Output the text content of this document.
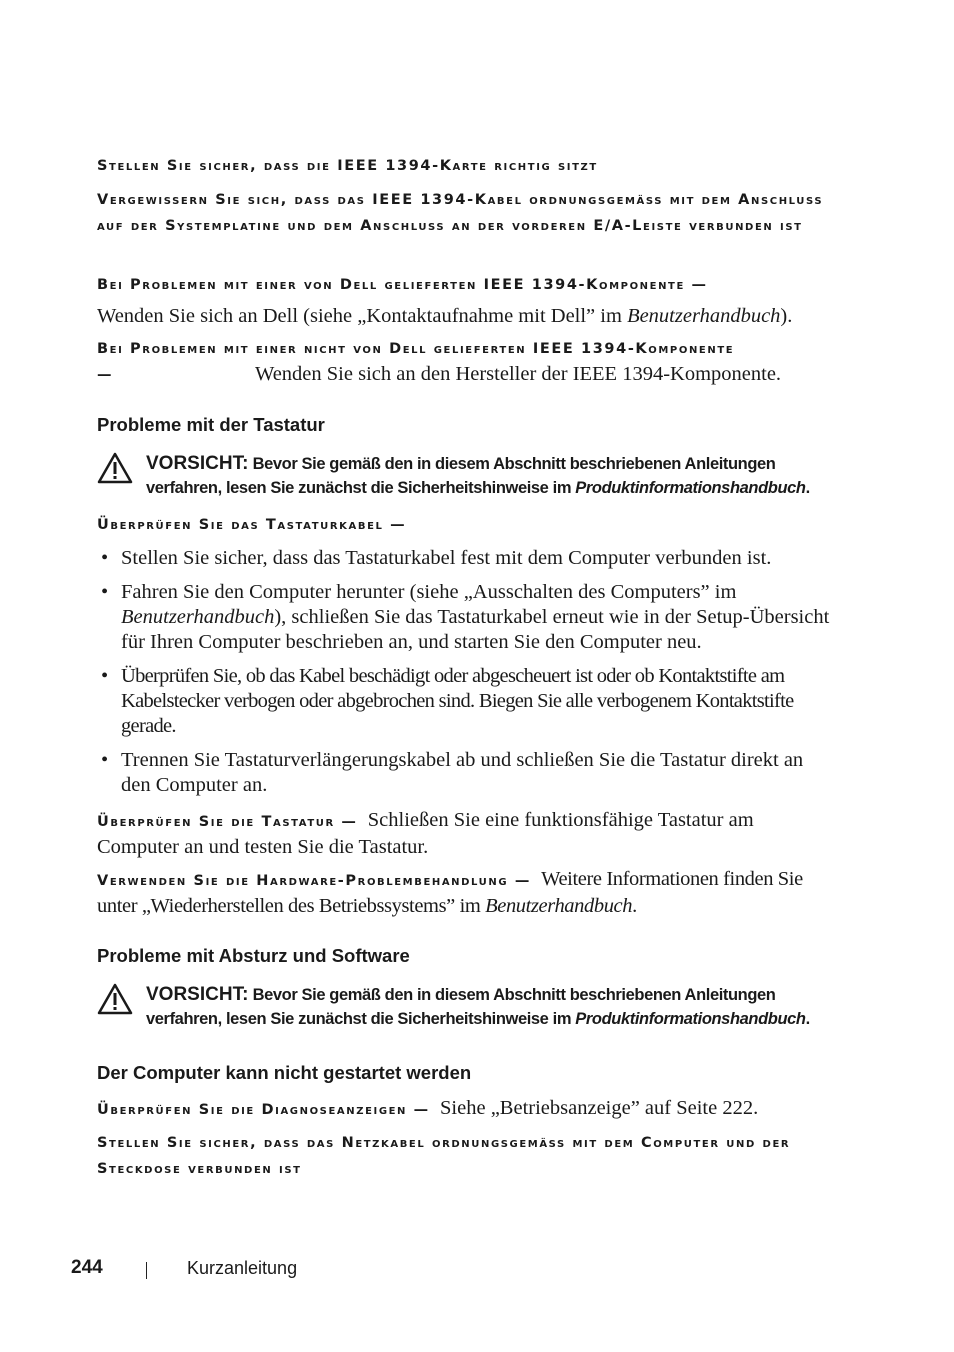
Stellen Sie sicher, dass die IEEE 1394-Karte richtig sitzt
Vergewissern Sie sich, dass das IEEE 1394-Kabel ordnungsgemäss mit dem Anschluss auf der Systemplatine und dem Anschluss an der vorderen E/A-Leiste verbunden ist
Bei Problemen mit einer von Dell gelieferten IEEE 1394-Komponente —
Wenden Sie sich an Dell (siehe „Kontaktaufnahme mit Dell” im Benutzerhandbuch).
Bei Problemen mit einer nicht von Dell gelieferten IEEE 1394-Komponente —	Wenden Sie sich an den Hersteller der IEEE 1394-Komponente.
Probleme mit der Tastatur
VORSICHT: Bevor Sie gemäß den in diesem Abschnitt beschriebenen Anleitungen verfahren, lesen Sie zunächst die Sicherheitshinweise im Produktinformationshandbuch.
Überprüfen Sie das Tastaturkabel —
• Stellen Sie sicher, dass das Tastaturkabel fest mit dem Computer verbunden ist.
• Fahren Sie den Computer herunter (siehe „Ausschalten des Computers” im Benutzerhandbuch), schließen Sie das Tastaturkabel erneut wie in der Setup-Übersicht für Ihren Computer beschrieben an, und starten Sie den Computer neu.
• Überprüfen Sie, ob das Kabel beschädigt oder abgescheuert ist oder ob Kontaktstifte am Kabelstecker verbogen oder abgebrochen sind. Biegen Sie alle verbogenem Kontaktstifte gerade.
• Trennen Sie Tastaturverlängerungskabel ab und schließen Sie die Tastatur direkt an den Computer an.
Überprüfen Sie die Tastatur — Schließen Sie eine funktionsfähige Tastatur am Computer an und testen Sie die Tastatur.
Verwenden Sie die Hardware-Problembehandlung — Weitere Informationen finden Sie unter „Wiederherstellen des Betriebssystems” im Benutzerhandbuch.
Probleme mit Absturz und Software
VORSICHT: Bevor Sie gemäß den in diesem Abschnitt beschriebenen Anleitungen verfahren, lesen Sie zunächst die Sicherheitshinweise im Produktinformationshandbuch.
Der Computer kann nicht gestartet werden
Überprüfen Sie die Diagnoseanzeigen — Siehe „Betriebsanzeige” auf Seite 222.
Stellen Sie sicher, dass das Netzkabel ordnungsgemäss mit dem Computer und der Steckdose verbunden ist
244	Kurzanleitung
